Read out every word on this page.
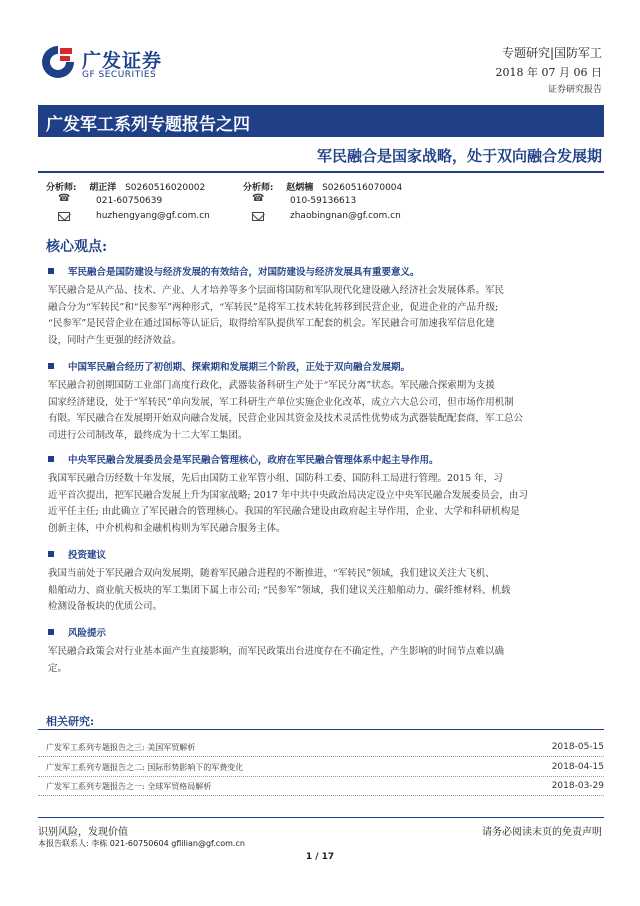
广发证券
GF SECURITIES
专题研究|国防军工
2018 年 07 月 06 日
证券研究报告
广发军工系列专题报告之四
军民融合是国家战略，处于双向融合发展期
分析师: 胡正洋 S0260516020002
☎	021-60750639
huzhengyang@gf.com.cn
分析师: 赵炳楠 S0260516070004
☎	010-59136613
zhaobingnan@gf.com.cn
核心观点:
军民融合是国防建设与经济发展的有效结合，对国防建设与经济发展具有重要意义。
军民融合是从产品、技术、产业、人才培养等多个层面将国防和军队现代化建设融入经济社会发展体系。军民
融合分为“军转民”和“民参军”两种形式，“军转民”是将军工技术转化转移到民营企业，促进企业的产品升级;
“民参军”是民营企业在通过国标等认证后，取得给军队提供军工配套的机会。军民融合可加速我军信息化建
设，同时产生更强的经济效益。
中国军民融合经历了初创期、探索期和发展期三个阶段，正处于双向融合发展期。
军民融合初创期国防工业部门高度行政化，武器装备科研生产处于“军民分离”状态。军民融合探索期为支援
国家经济建设，处于“军转民”单向发展，军工科研生产单位实施企业化改革，成立六大总公司，但市场作用机制
有限。军民融合在发展期开始双向融合发展，民营企业因其资金及技术灵活性优势成为武器装配配套商，军工总公
司进行公司制改革，最终成为十二大军工集团。
中央军民融合发展委员会是军民融合管理核心，政府在军民融合管理体系中起主导作用。
我国军民融合历经数十年发展，先后由国防工业军管小组、国防科工委、国防科工局进行管理。2015 年，习
近平首次提出，把军民融合发展上升为国家战略; 2017 年中共中央政治局决定设立中央军民融合发展委员会，由习
近平任主任; 由此确立了军民融合的管理核心。我国的军民融合建设由政府起主导作用，企业、大学和科研机构是
创新主体，中介机构和金融机构则为军民融合服务主体。
投资建议
我国当前处于军民融合双向发展期，随着军民融合进程的不断推进，“军转民”领域，我们建议关注大飞机、
船舶动力、商业航天板块的军工集团下属上市公司; “民参军”领域，我们建议关注船舶动力、碳纤维材料、机载
检测设备板块的优质公司。
风险提示
军民融合政策会对行业基本面产生直接影响，而军民政策出台进度存在不确定性，产生影响的时间节点难以确
定。
相关研究:
广发军工系列专题报告之三: 美国军贸解析	2018-05-15
广发军工系列专题报告之二: 国际形势影响下的军费变化	2018-04-15
广发军工系列专题报告之一: 全球军贸格局解析	2018-03-29
识别风险，发现价值
本报告联系人: 李栋 021-60750604 gflilian@gf.com.cn
请务必阅读末页的免责声明
1 / 17
